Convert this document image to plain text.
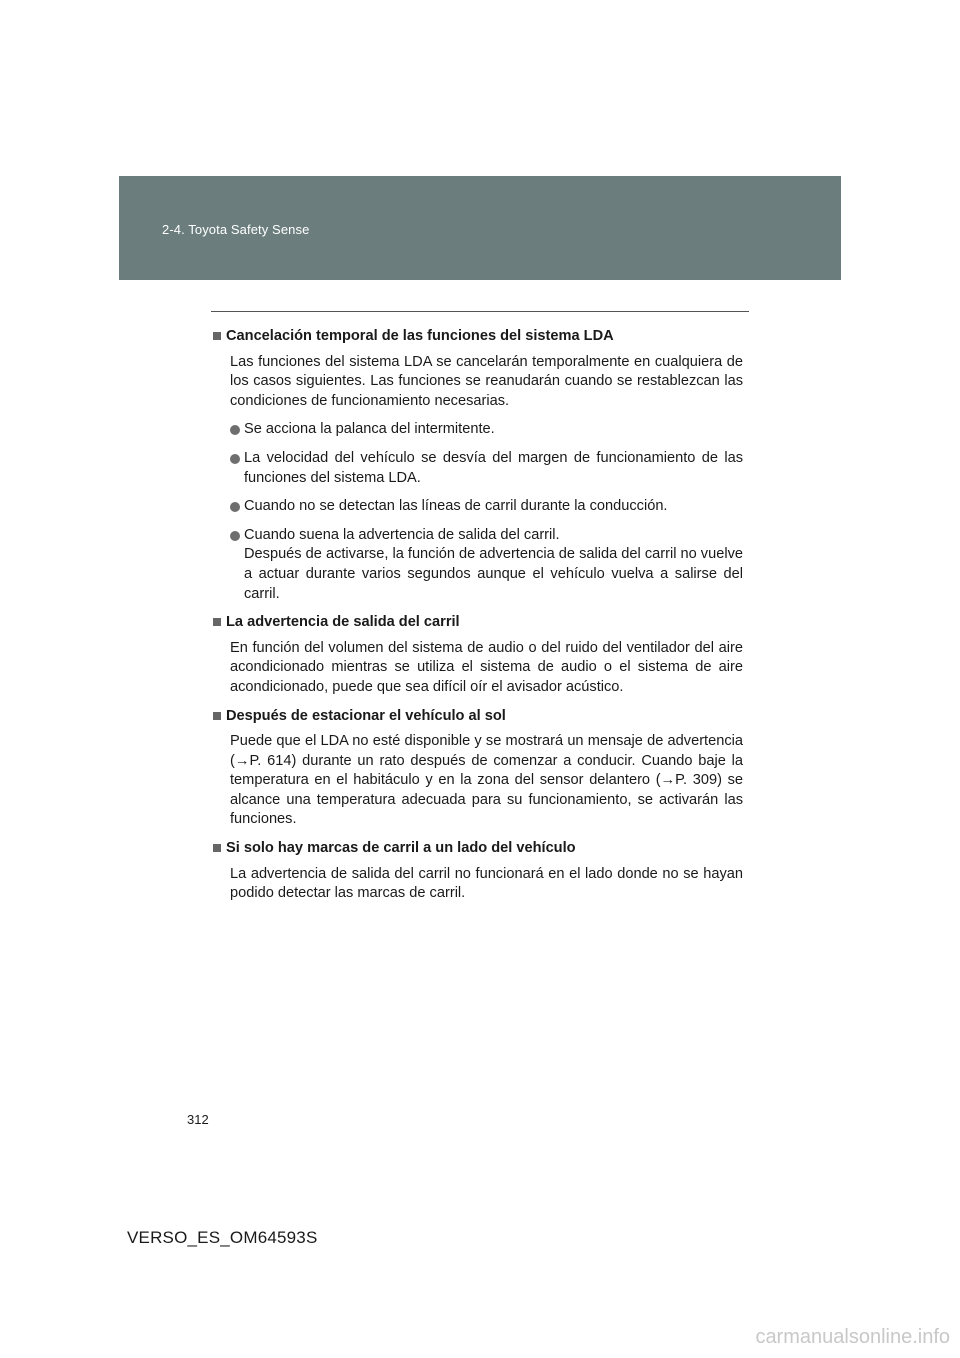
2-4. Toyota Safety Sense
Cancelación temporal de las funciones del sistema LDA

Las funciones del sistema LDA se cancelarán temporalmente en cualquiera de los casos siguientes. Las funciones se reanudarán cuando se restablezcan las condiciones de funcionamiento necesarias.

Se acciona la palanca del intermitente.
La velocidad del vehículo se desvía del margen de funcionamiento de las funciones del sistema LDA.
Cuando no se detectan las líneas de carril durante la conducción.
Cuando suena la advertencia de salida del carril.
Después de activarse, la función de advertencia de salida del carril no vuelve a actuar durante varios segundos aunque el vehículo vuelva a salirse del carril.
La advertencia de salida del carril

En función del volumen del sistema de audio o del ruido del ventilador del aire acondicionado mientras se utiliza el sistema de audio o el sistema de aire acondicionado, puede que sea difícil oír el avisador acústico.

Después de estacionar el vehículo al sol

Puede que el LDA no esté disponible y se mostrará un mensaje de advertencia (→P. 614) durante un rato después de comenzar a conducir. Cuando baje la temperatura en el habitáculo y en la zona del sensor delantero (→P. 309) se alcance una temperatura adecuada para su funcionamiento, se activarán las funciones.

Si solo hay marcas de carril a un lado del vehículo

La advertencia de salida del carril no funcionará en el lado donde no se hayan podido detectar las marcas de carril.

312
VERSO_ES_OM64593S
carmanualsonline.info
